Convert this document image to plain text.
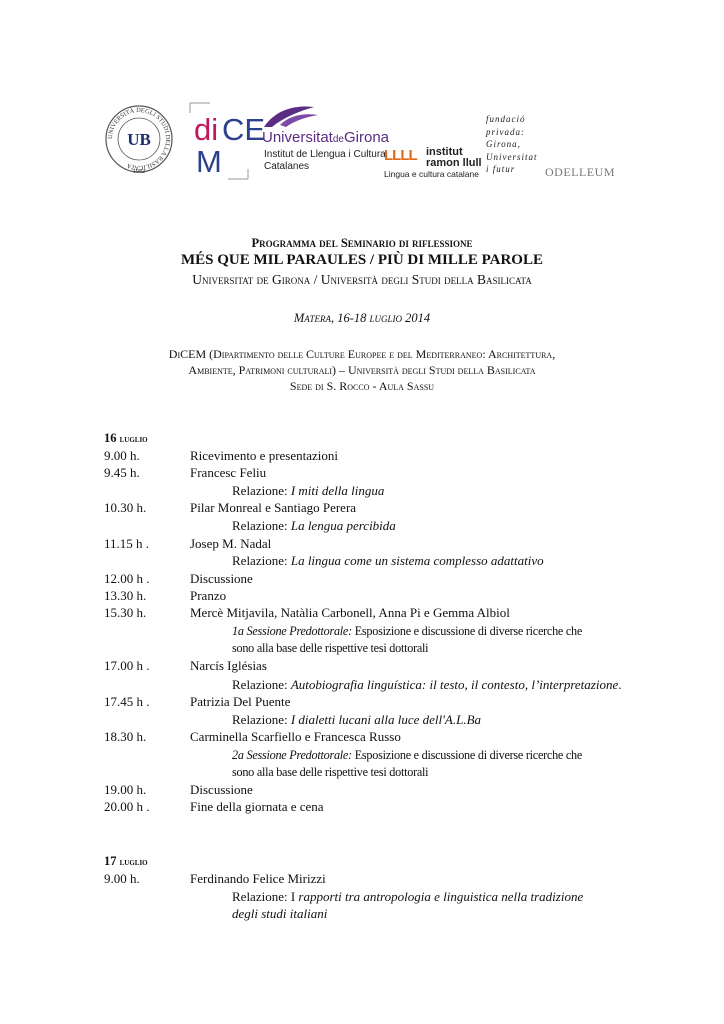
UNIVERSITÀ DEGLI STUDI DELLA BASILICATA
UB
1982
di CE
M
UniversitatdeGirona
Institut de Llengua i Cultura
Catalanes
LLLL institut
ramon llull
Lingua e cultura catalane
fundació
privada:
Girona,
Universitat
i futur	ODELLEUM
Programma del Seminario di riflessione
MÉS QUE MIL PARAULES / PIÙ DI MILLE PAROLE
Universitat de Girona / Università degli Studi della Basilicata
Matera, 16-18 luglio 2014
DiCEM (Dipartimento delle Culture Europee e del Mediterraneo: Architettura,
Ambiente, Patrimoni culturali) – Università degli Studi della Basilicata
Sede di S. Rocco - Aula Sassu
16 luglio
9.00 h.	Ricevimento e presentazioni
9.45 h.	Francesc Feliu
Relazione: I miti della lingua
10.30 h.	Pilar Monreal e Santiago Perera
Relazione: La lengua percibida
11.15 h .	Josep M. Nadal
Relazione: La lingua come un sistema complesso adattativo
12.00 h .	Discussione
13.30 h.	Pranzo
15.30 h.	Mercè Mitjavila, Natàlia Carbonell, Anna Pi e Gemma Albiol
1a Sessione Predottorale: Esposizione e discussione di diverse ricerche che
sono alla base delle rispettive tesi dottorali
17.00 h .	Narcís Iglésias
Relazione: Autobiografia linguística: il testo, il contesto, l’interpretazione.
17.45 h .	Patrizia Del Puente
Relazione: I dialetti lucani alla luce dell'A.L.Ba
18.30 h.	Carminella Scarfiello e Francesca Russo
2a Sessione Predottorale: Esposizione e discussione di diverse ricerche che
sono alla base delle rispettive tesi dottorali
19.00 h.	Discussione
20.00 h .	Fine della giornata e cena
17 luglio
9.00 h.	Ferdinando Felice Mirizzi
Relazione: I rapporti tra antropologia e linguistica nella tradizione
degli studi italiani
